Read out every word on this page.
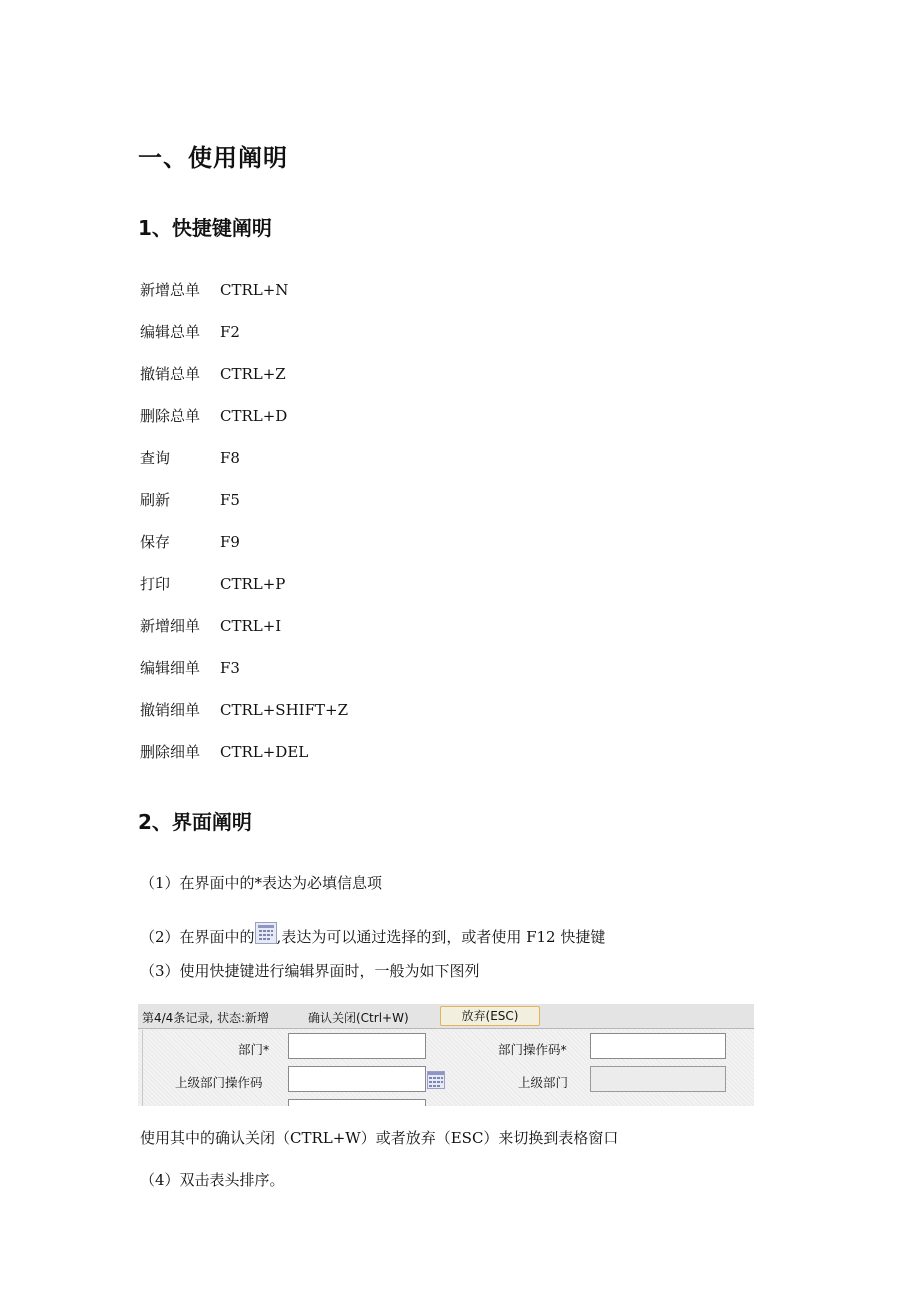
一、使用阐明
1、快捷键阐明
新增总单 CTRL+N
编辑总单 F2
撤销总单 CTRL+Z
删除总单 CTRL+D
查询	F8
刷新	F5
保存	F9
打印	CTRL+P
新增细单 CTRL+I
编辑细单 F3
撤销细单 CTRL+SHIFT+Z
删除细单 CTRL+DEL
2、界面阐明
（1）在界面中的*表达为必填信息项
（2）在界面中的 ,表达为可以通过选择的到，或者使用 F12 快捷键
（3）使用快捷键进行编辑界面时，一般为如下图列
第4/4条记录, 状态:新增	确认关闭(Ctrl+W)	放弃(ESC)
部门*	部门操作码*
上级部门操作码	上级部门
使用其中的确认关闭（CTRL+W）或者放弃（ESC）来切换到表格窗口
（4）双击表头排序。
